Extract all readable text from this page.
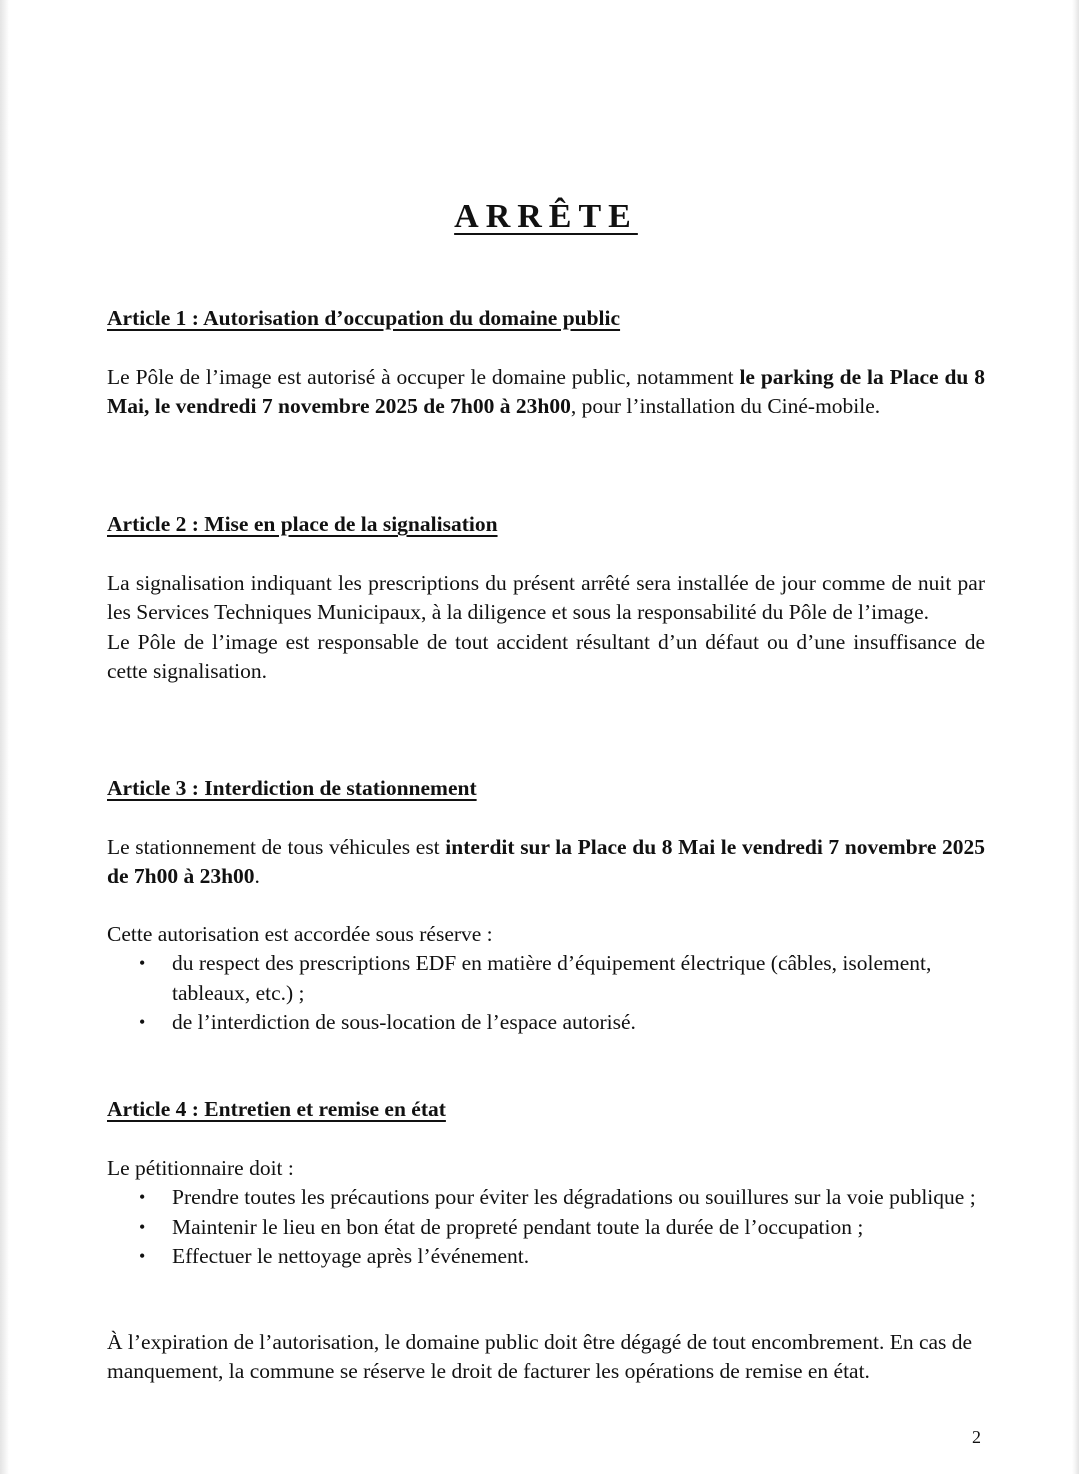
ARRÊTE
Article 1 : Autorisation d’occupation du domaine public

Le Pôle de l’image est autorisé à occuper le domaine public, notamment le parking de la Place du 8 Mai, le vendredi 7 novembre 2025 de 7h00 à 23h00, pour l’installation du Ciné-mobile.

Article 2 : Mise en place de la signalisation

La signalisation indiquant les prescriptions du présent arrêté sera installée de jour comme de nuit par les Services Techniques Municipaux, à la diligence et sous la responsabilité du Pôle de l’image.

Le Pôle de l’image est responsable de tout accident résultant d’un défaut ou d’une insuffisance de cette signalisation.

Article 3 : Interdiction de stationnement

Le stationnement de tous véhicules est interdit sur la Place du 8 Mai le vendredi 7 novembre 2025 de 7h00 à 23h00.

Cette autorisation est accordée sous réserve :

• du respect des prescriptions EDF en matière d’équipement électrique (câbles, isolement, tableaux, etc.) ;
• de l’interdiction de sous-location de l’espace autorisé.
Article 4 : Entretien et remise en état

Le pétitionnaire doit :

• Prendre toutes les précautions pour éviter les dégradations ou souillures sur la voie publique ;
• Maintenir le lieu en bon état de propreté pendant toute la durée de l’occupation ;
• Effectuer le nettoyage après l’événement.

À l’expiration de l’autorisation, le domaine public doit être dégagé de tout encombrement. En cas de manquement, la commune se réserve le droit de facturer les opérations de remise en état.

2
